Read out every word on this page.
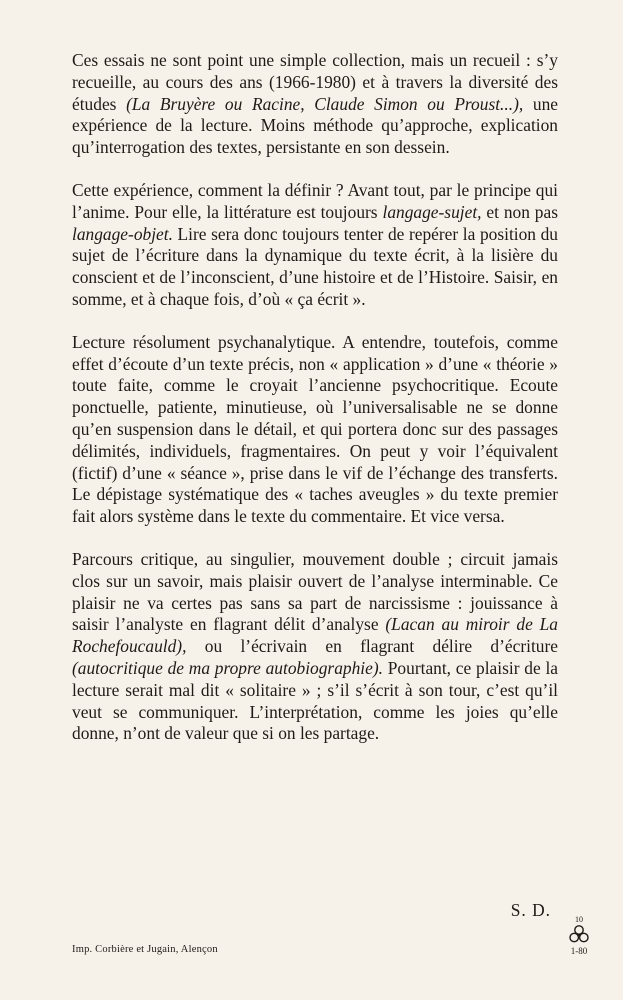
Ces essais ne sont point une simple collection, mais un recueil : s’y recueille, au cours des ans (1966-1980) et à travers la diversité des études (La Bruyère ou Racine, Claude Simon ou Proust...), une expérience de la lecture. Moins méthode qu’approche, explication qu’interrogation des textes, persistante en son dessein.

Cette expérience, comment la définir ? Avant tout, par le principe qui l’anime. Pour elle, la littérature est toujours langage-sujet, et non pas langage-objet. Lire sera donc toujours tenter de repérer la position du sujet de l’écriture dans la dynamique du texte écrit, à la lisière du conscient et de l’inconscient, d’une histoire et de l’Histoire. Saisir, en somme, et à chaque fois, d’où « ça écrit ».

Lecture résolument psychanalytique. A entendre, toutefois, comme effet d’écoute d’un texte précis, non « application » d’une « théorie » toute faite, comme le croyait l’ancienne psychocritique. Ecoute ponctuelle, patiente, minutieuse, où l’universalisable ne se donne qu’en suspension dans le détail, et qui portera donc sur des passages délimités, individuels, fragmentaires. On peut y voir l’équivalent (fictif) d’une « séance », prise dans le vif de l’échange des transferts. Le dépistage systématique des « taches aveugles » du texte premier fait alors système dans le texte du commentaire. Et vice versa.

Parcours critique, au singulier, mouvement double ; circuit jamais clos sur un savoir, mais plaisir ouvert de l’analyse interminable. Ce plaisir ne va certes pas sans sa part de narcissisme : jouissance à saisir l’analyste en flagrant délit d’analyse (Lacan au miroir de La Rochefoucauld), ou l’écrivain en flagrant délire d’écriture (autocritique de ma propre autobiographie). Pourtant, ce plaisir de la lecture serait mal dit « solitaire » ; s’il s’écrit à son tour, c’est qu’il veut se communiquer. L’interprétation, comme les joies qu’elle donne, n’ont de valeur que si on les partage.

S. D.
Imp. Corbière et Jugain, Alençon
10
1-80
